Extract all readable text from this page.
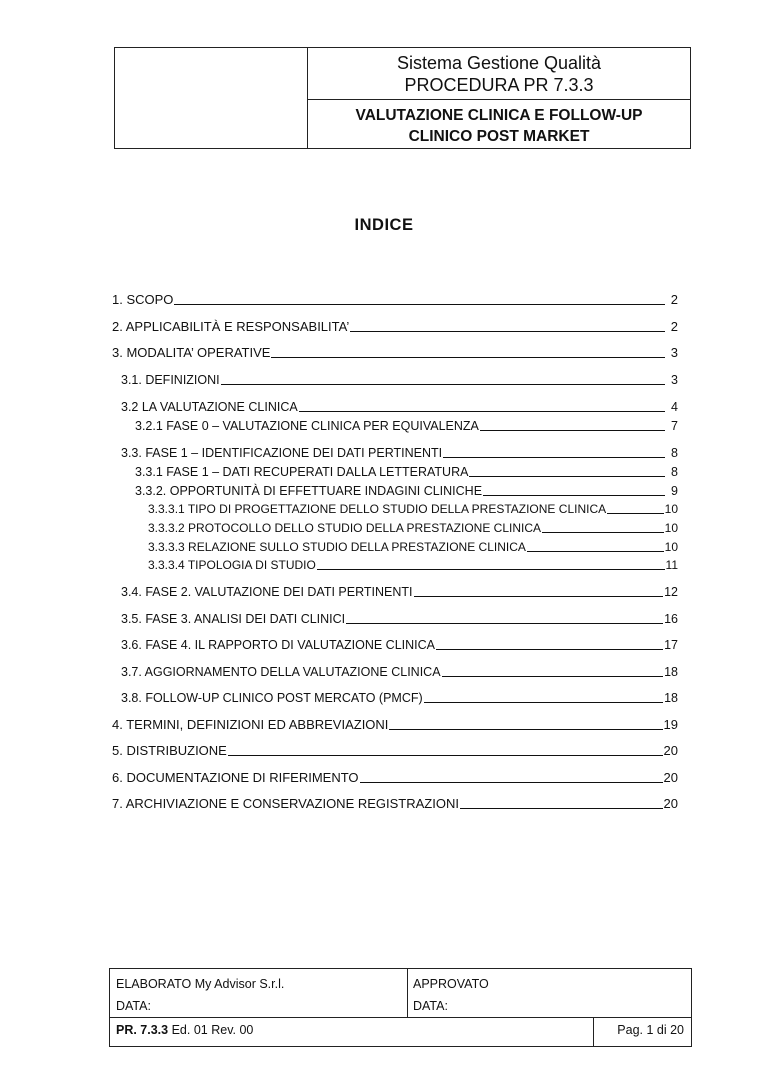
Sistema Gestione Qualità
PROCEDURA PR 7.3.3
VALUTAZIONE CLINICA E FOLLOW-UP
CLINICO POST MARKET
INDICE
1. SCOPO	2
2. APPLICABILITÀ E RESPONSABILITA’	2
3. MODALITA’ OPERATIVE	3
3.1. DEFINIZIONI	3
3.2 LA VALUTAZIONE CLINICA	4
3.2.1 FASE 0 – VALUTAZIONE CLINICA PER EQUIVALENZA	7
3.3. FASE 1 – IDENTIFICAZIONE DEI DATI PERTINENTI	8
3.3.1 FASE 1 – DATI RECUPERATI DALLA LETTERATURA	8
3.3.2. OPPORTUNITÀ DI EFFETTUARE INDAGINI CLINICHE	9
3.3.3.1 TIPO DI PROGETTAZIONE DELLO STUDIO DELLA PRESTAZIONE CLINICA	10
3.3.3.2 PROTOCOLLO DELLO STUDIO DELLA PRESTAZIONE CLINICA	10
3.3.3.3 RELAZIONE SULLO STUDIO DELLA PRESTAZIONE CLINICA	10
3.3.3.4 TIPOLOGIA DI STUDIO	11
3.4. FASE 2. VALUTAZIONE DEI DATI PERTINENTI	12
3.5. FASE 3. ANALISI DEI DATI CLINICI	16
3.6. FASE 4. IL RAPPORTO DI VALUTAZIONE CLINICA	17
3.7. AGGIORNAMENTO DELLA VALUTAZIONE CLINICA	18
3.8. FOLLOW-UP CLINICO POST MERCATO (PMCF)	18
4. TERMINI, DEFINIZIONI ED ABBREVIAZIONI	19
5. DISTRIBUZIONE	20
6. DOCUMENTAZIONE DI RIFERIMENTO	20
7. ARCHIVIAZIONE E CONSERVAZIONE REGISTRAZIONI	20
ELABORATO My Advisor S.r.l.
DATA:
APPROVATO
DATA:
PR. 7.3.3 Ed. 01 Rev. 00	Pag. 1 di 20
